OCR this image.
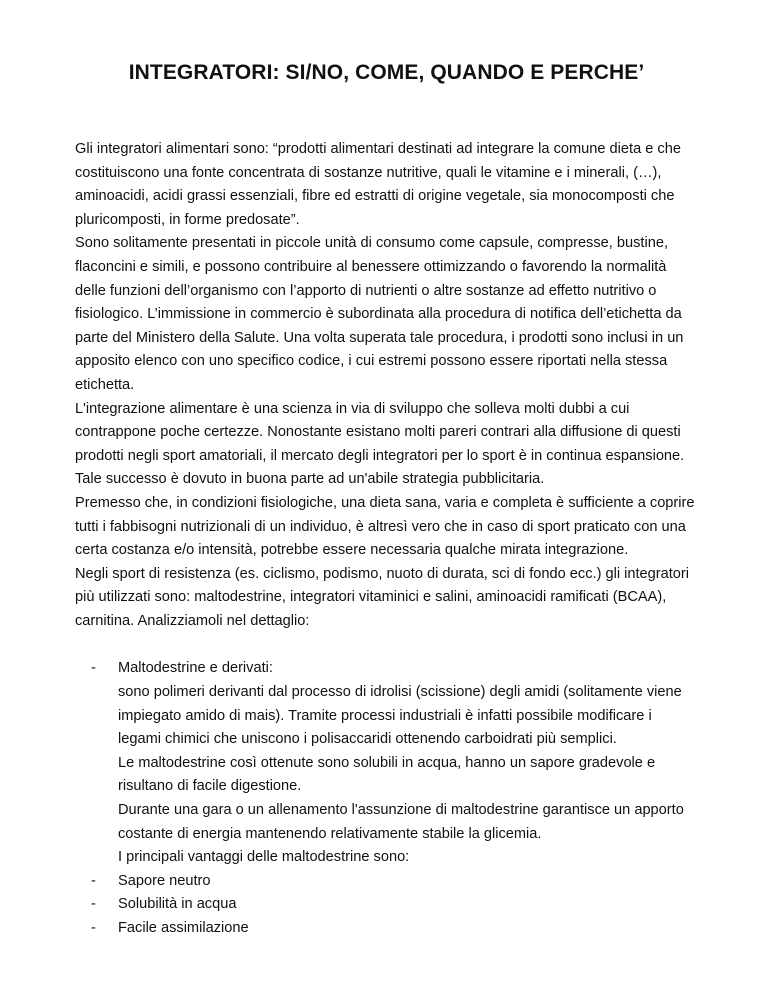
INTEGRATORI: SI/NO, COME, QUANDO E PERCHE’

Gli integratori alimentari sono: “prodotti alimentari destinati ad integrare la comune dieta e che costituiscono una fonte concentrata di sostanze nutritive, quali le vitamine e i minerali, (…), aminoacidi, acidi grassi essenziali, fibre ed estratti di origine vegetale, sia monocomposti che pluricomposti, in forme predosate”.

Sono solitamente presentati in piccole unità di consumo come capsule, compresse, bustine, flaconcini e simili, e possono contribuire al benessere ottimizzando o favorendo la normalità delle funzioni dell’organismo con l’apporto di nutrienti o altre sostanze ad effetto nutritivo o fisiologico. L’immissione in commercio è subordinata alla procedura di notifica dell’etichetta da parte del Ministero della Salute. Una volta superata tale procedura, i prodotti sono inclusi in un apposito elenco con uno specifico codice, i cui estremi possono essere riportati nella stessa etichetta.

L'integrazione alimentare è una scienza in via di sviluppo che solleva molti dubbi a cui contrappone poche certezze. Nonostante esistano molti pareri contrari alla diffusione di questi prodotti negli sport amatoriali, il mercato degli integratori per lo sport è in continua espansione. Tale successo è dovuto in buona parte ad un'abile strategia pubblicitaria.

Premesso che, in condizioni fisiologiche, una dieta sana, varia e completa è sufficiente a coprire tutti i fabbisogni nutrizionali di un individuo, è altresì vero che in caso di sport praticato con una certa costanza e/o intensità, potrebbe essere necessaria qualche mirata integrazione.

Negli sport di resistenza (es. ciclismo, podismo, nuoto di durata, sci di fondo ecc.) gli integratori più utilizzati sono: maltodestrine, integratori vitaminici e salini, aminoacidi ramificati (BCAA), carnitina. Analizziamoli nel dettaglio:

-	Maltodestrine e derivati:

sono polimeri derivanti dal processo di idrolisi (scissione) degli amidi (solitamente viene impiegato amido di mais). Tramite processi industriali è infatti possibile modificare i legami chimici che uniscono i polisaccaridi ottenendo carboidrati più semplici.

Le maltodestrine così ottenute sono solubili in acqua, hanno un sapore gradevole e risultano di facile digestione.

Durante una gara o un allenamento l'assunzione di maltodestrine garantisce un apporto costante di energia mantenendo relativamente stabile la glicemia.

I principali vantaggi delle maltodestrine sono:

-	Sapore neutro
-	Solubilità in acqua
-	Facile assimilazione
